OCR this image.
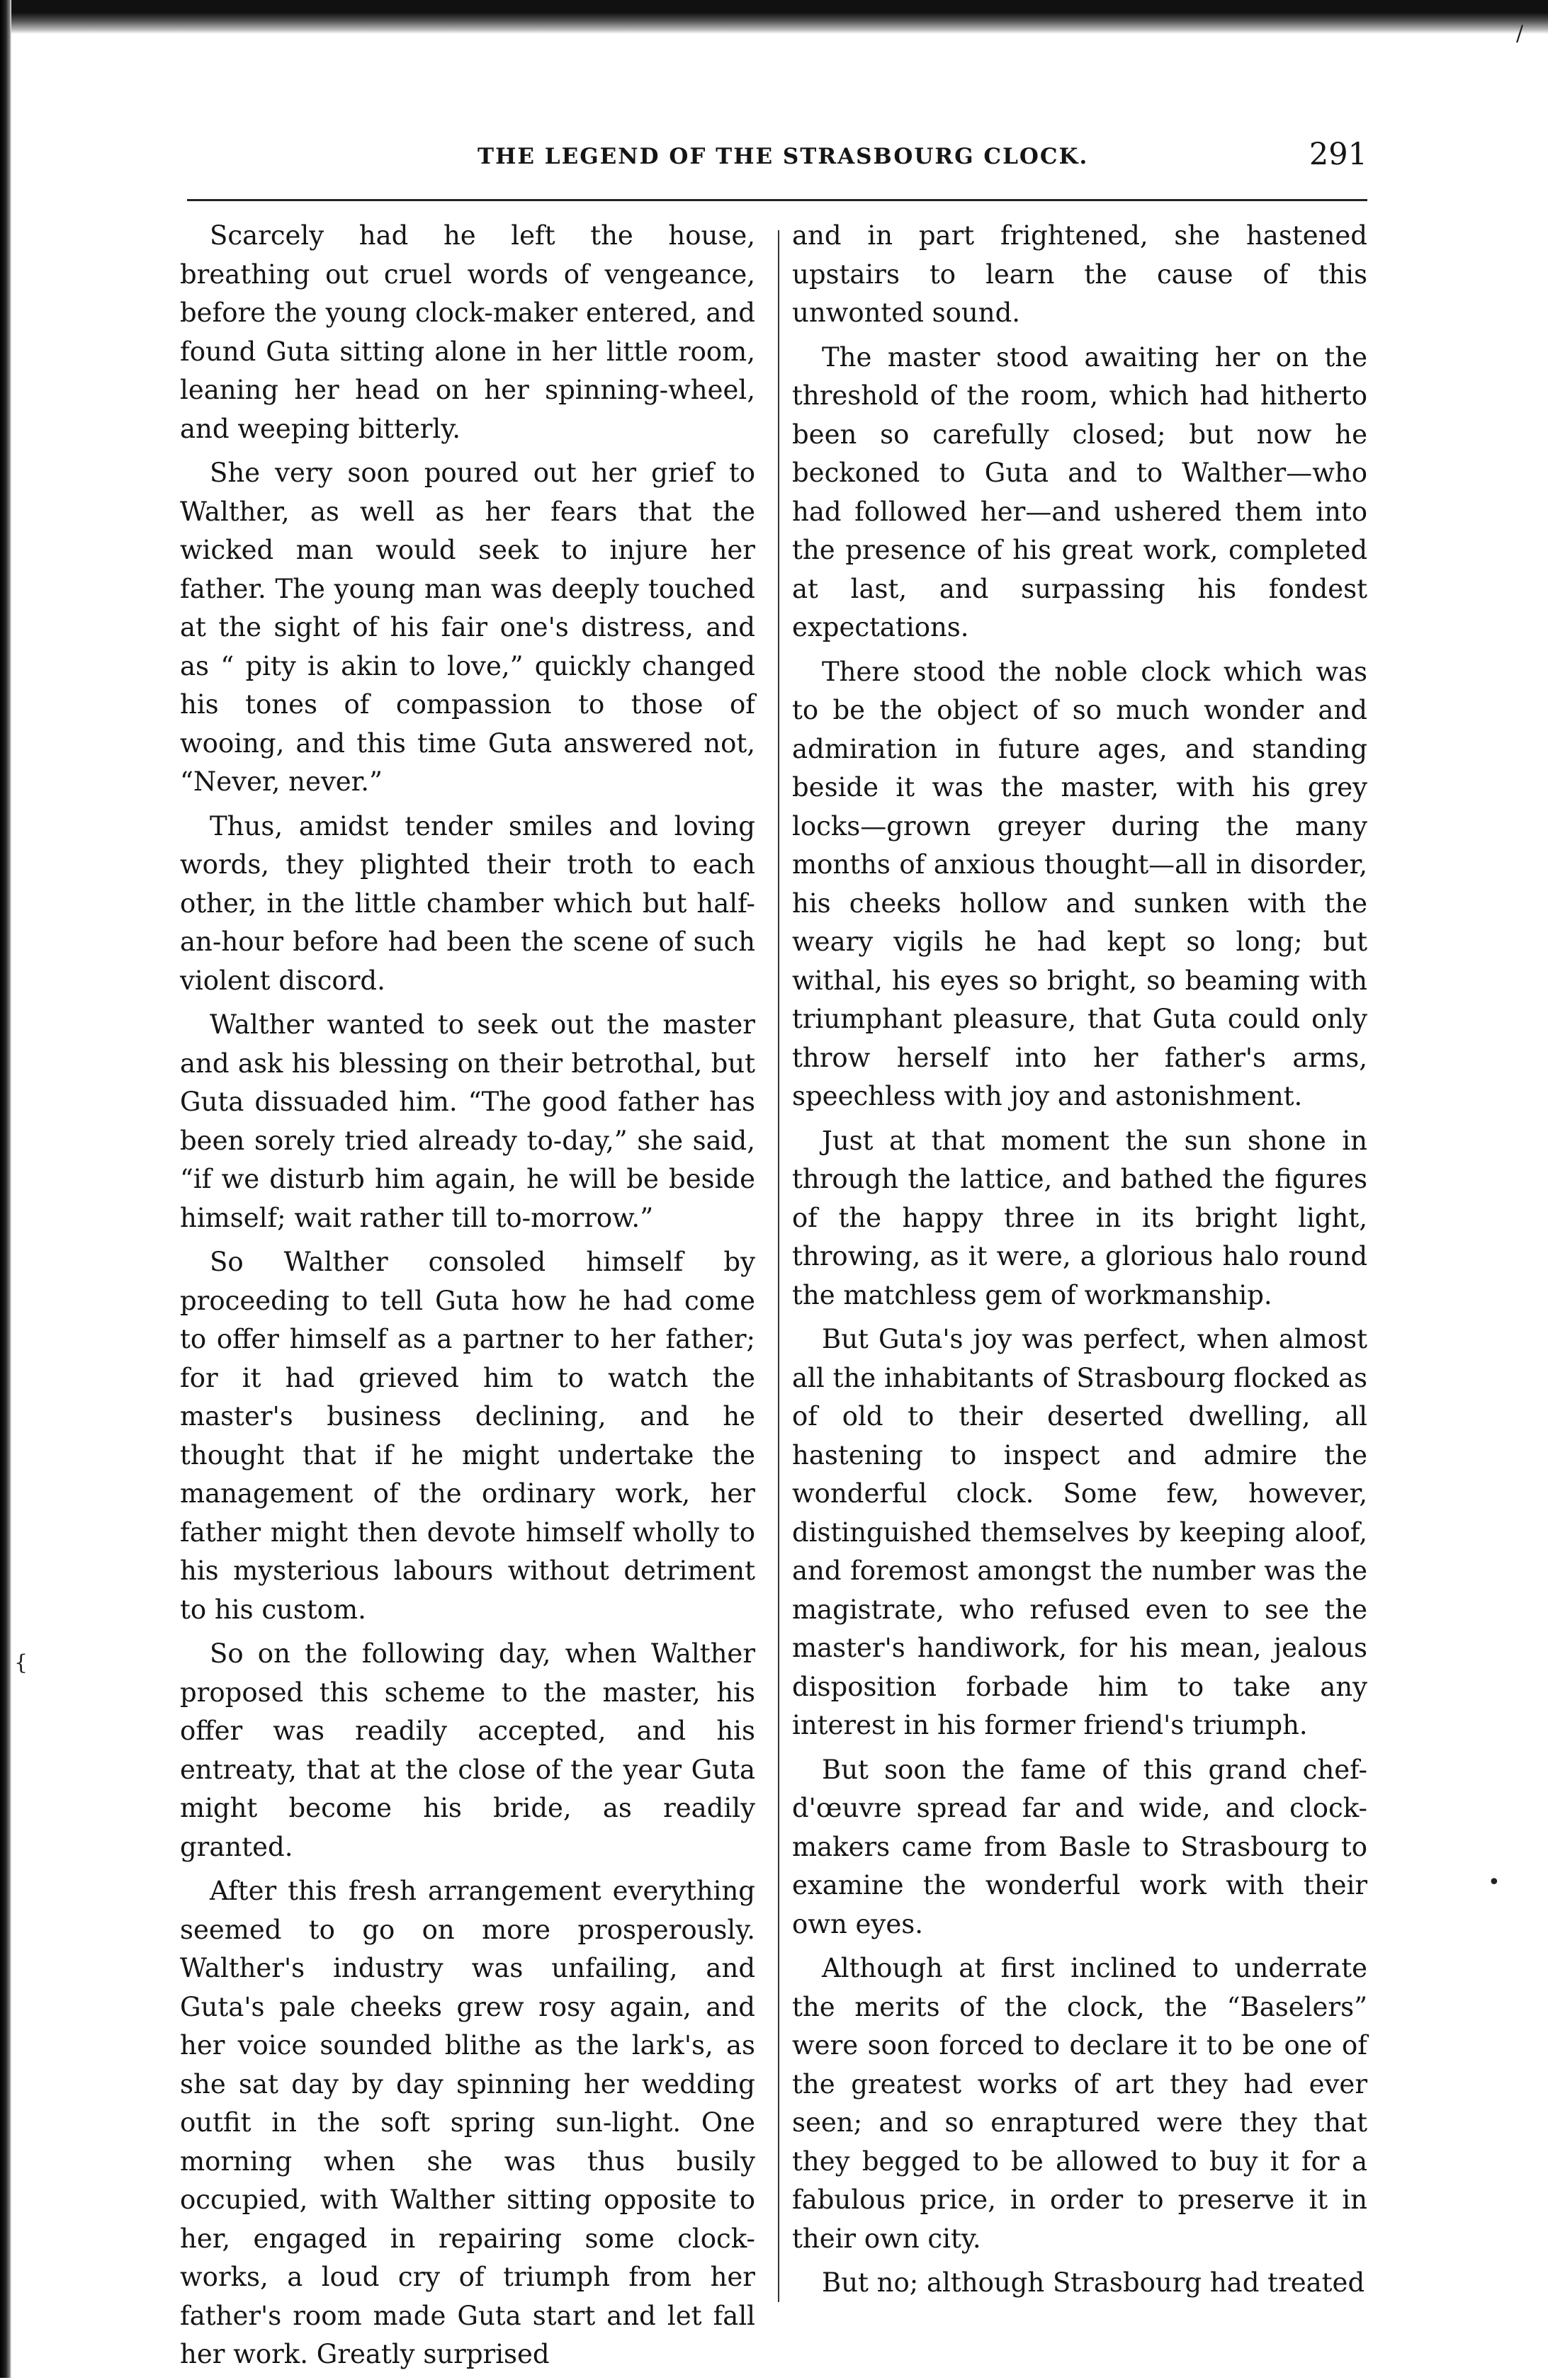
THE LEGEND OF THE STRASBOURG CLOCK.	291

Scarcely had he left the house, breathing out cruel words of vengeance, before the young clock-maker entered, and found Guta sitting alone in her little room, leaning her head on her spinning-wheel, and weeping bitterly.

She very soon poured out her grief to Walther, as well as her fears that the wicked man would seek to injure her father. The young man was deeply touched at the sight of his fair one's distress, and as “ pity is akin to love,” quickly changed his tones of compassion to those of wooing, and this time Guta answered not, “Never, never.”

Thus, amidst tender smiles and loving words, they plighted their troth to each other, in the little chamber which but half-an-hour before had been the scene of such violent discord.

Walther wanted to seek out the master and ask his blessing on their betrothal, but Guta dissuaded him. “The good father has been sorely tried already to-day,” she said, “if we disturb him again, he will be beside himself; wait rather till to-morrow.”

So Walther consoled himself by proceeding to tell Guta how he had come to offer himself as a partner to her father; for it had grieved him to watch the master's business declining, and he thought that if he might undertake the management of the ordinary work, her father might then devote himself wholly to his mysterious labours without detriment to his custom.

So on the following day, when Walther proposed this scheme to the master, his offer was readily accepted, and his entreaty, that at the close of the year Guta might become his bride, as readily granted.

After this fresh arrangement everything seemed to go on more prosperously. Walther's industry was unfailing, and Guta's pale cheeks grew rosy again, and her voice sounded blithe as the lark's, as she sat day by day spinning her wedding outfit in the soft spring sun-light. One morning when she was thus busily occupied, with Walther sitting opposite to her, engaged in repairing some clock-works, a loud cry of triumph from her father's room made Guta start and let fall her work. Greatly surprised

and in part frightened, she hastened upstairs to learn the cause of this unwonted sound.

The master stood awaiting her on the threshold of the room, which had hitherto been so carefully closed; but now he beckoned to Guta and to Walther—who had followed her—and ushered them into the presence of his great work, completed at last, and surpassing his fondest expectations.

There stood the noble clock which was to be the object of so much wonder and admiration in future ages, and standing beside it was the master, with his grey locks—grown greyer during the many months of anxious thought—all in disorder, his cheeks hollow and sunken with the weary vigils he had kept so long; but withal, his eyes so bright, so beaming with triumphant pleasure, that Guta could only throw herself into her father's arms, speechless with joy and astonishment.

Just at that moment the sun shone in through the lattice, and bathed the figures of the happy three in its bright light, throwing, as it were, a glorious halo round the matchless gem of workmanship.

But Guta's joy was perfect, when almost all the inhabitants of Strasbourg flocked as of old to their deserted dwelling, all hastening to inspect and admire the wonderful clock. Some few, however, distinguished themselves by keeping aloof, and foremost amongst the number was the magistrate, who refused even to see the master's handiwork, for his mean, jealous disposition forbade him to take any interest in his former friend's triumph.

But soon the fame of this grand chef-d'œuvre spread far and wide, and clock-makers came from Basle to Strasbourg to examine the wonderful work with their own eyes.

Although at first inclined to underrate the merits of the clock, the “Baselers” were soon forced to declare it to be one of the greatest works of art they had ever seen; and so enraptured were they that they begged to be allowed to buy it for a fabulous price, in order to preserve it in their own city.

But no; although Strasbourg had treated

/
{
•
